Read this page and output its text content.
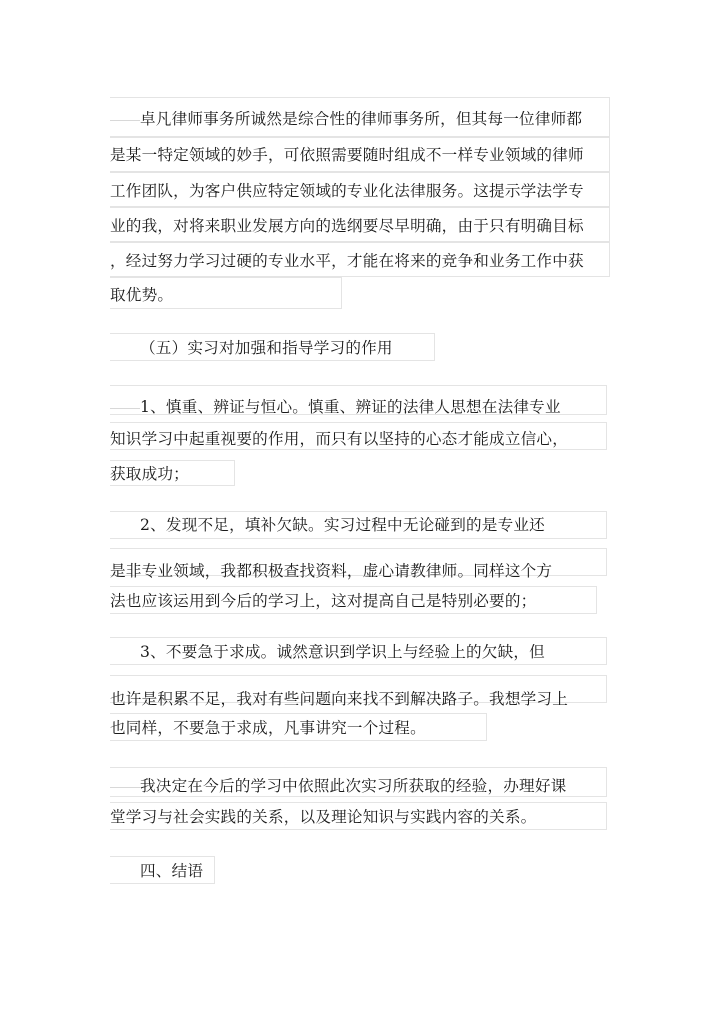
卓凡律师事务所诚然是综合性的律师事务所，但其每一位律师都
是某一特定领域的妙手，可依照需要随时组成不一样专业领域的律师
工作团队，为客户供应特定领域的专业化法律服务。这提示学法学专
业的我，对将来职业发展方向的选纲要尽早明确，由于只有明确目标
，经过努力学习过硬的专业水平，才能在将来的竞争和业务工作中获
取优势。
（五）实习对加强和指导学习的作用
1、慎重、辨证与恒心。慎重、辨证的法律人思想在法律专业
知识学习中起重视要的作用，而只有以坚持的心态才能成立信心，
获取成功；
2、发现不足，填补欠缺。实习过程中无论碰到的是专业还
是非专业领域，我都积极查找资料，虚心请教律师。同样这个方
法也应该运用到今后的学习上，这对提高自己是特别必要的；
3、不要急于求成。诚然意识到学识上与经验上的欠缺，但
也许是积累不足，我对有些问题向来找不到解决路子。我想学习上
也同样，不要急于求成，凡事讲究一个过程。
我决定在今后的学习中依照此次实习所获取的经验，办理好课
堂学习与社会实践的关系，以及理论知识与实践内容的关系。
四、结语
